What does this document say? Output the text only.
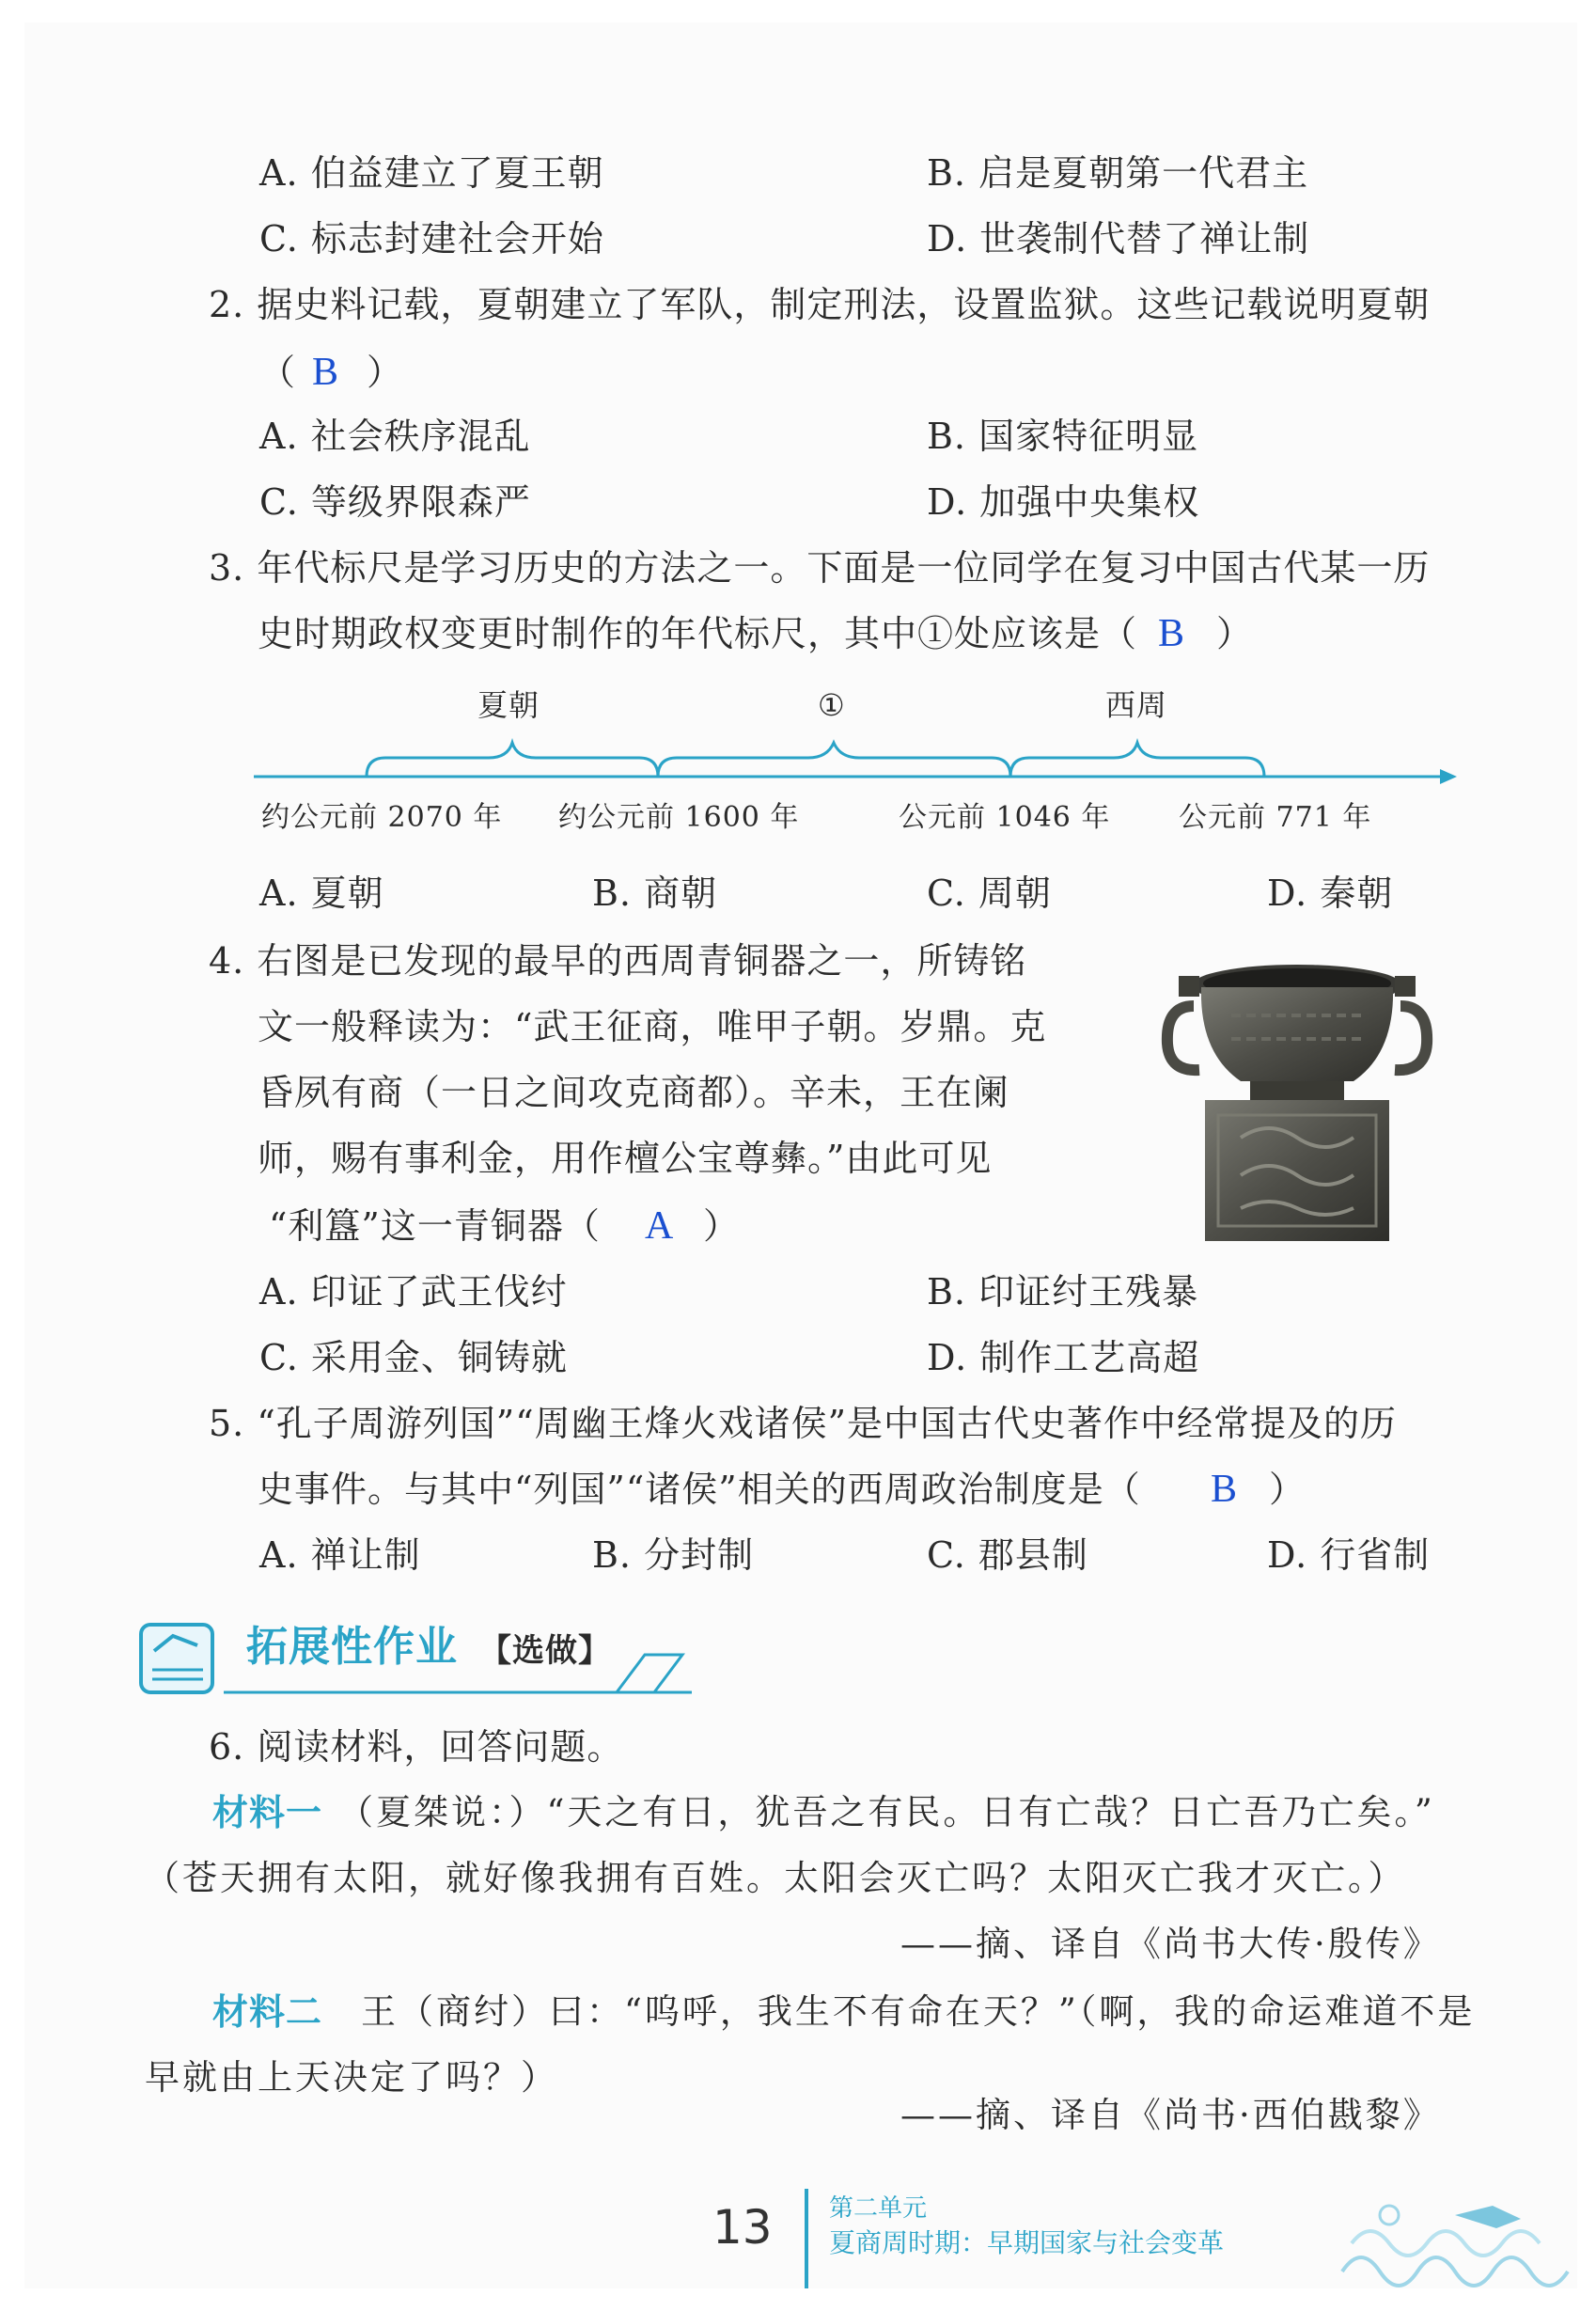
A. 伯益建立了夏王朝	B. 启是夏朝第一代君主
C. 标志封建社会开始	D. 世袭制代替了禅让制
2. 据史料记载，夏朝建立了军队，制定刑法，设置监狱。这些记载说明夏朝
（ B ）
A. 社会秩序混乱	B. 国家特征明显
C. 等级界限森严	D. 加强中央集权
3. 年代标尺是学习历史的方法之一。下面是一位同学在复习中国古代某一历
史时期政权变更时制作的年代标尺，其中①处应该是（ B ）
夏朝	①	西周
约公元前 2070 年 约公元前 1600 年	公元前 1046 年 公元前 771 年
A. 夏朝	B. 商朝	C. 周朝	D. 秦朝
4. 右图是已发现的最早的西周青铜器之一，所铸铭
文一般释读为：“武王征商，唯甲子朝。岁鼎。克
昏夙有商（一日之间攻克商都）。辛未，王在阑
师，赐有事利金，用作檀公宝尊彝。”由此可见
“利簋”这一青铜器（ A ）
A. 印证了武王伐纣	B. 印证纣王残暴
C. 采用金、铜铸就	D. 制作工艺高超
5. “孔子周游列国”“周幽王烽火戏诸侯”是中国古代史著作中经常提及的历
史事件。与其中“列国”“诸侯”相关的西周政治制度是（ B ）
A. 禅让制	B. 分封制	C. 郡县制	D. 行省制
拓展性作业 【选做】
6. 阅读材料，回答问题。
材料一 （夏桀说：）“天之有日，犹吾之有民。日有亡哉？日亡吾乃亡矣。”
（苍天拥有太阳，就好像我拥有百姓。太阳会灭亡吗？太阳灭亡我才灭亡。）
——摘、译自《尚书大传·殷传》
材料二 王（商纣）曰：“呜呼，我生不有命在天？”（啊，我的命运难道不是
早就由上天决定了吗？）
——摘、译自《尚书·西伯戡黎》
13 第二单元
夏商周时期：早期国家与社会变革
